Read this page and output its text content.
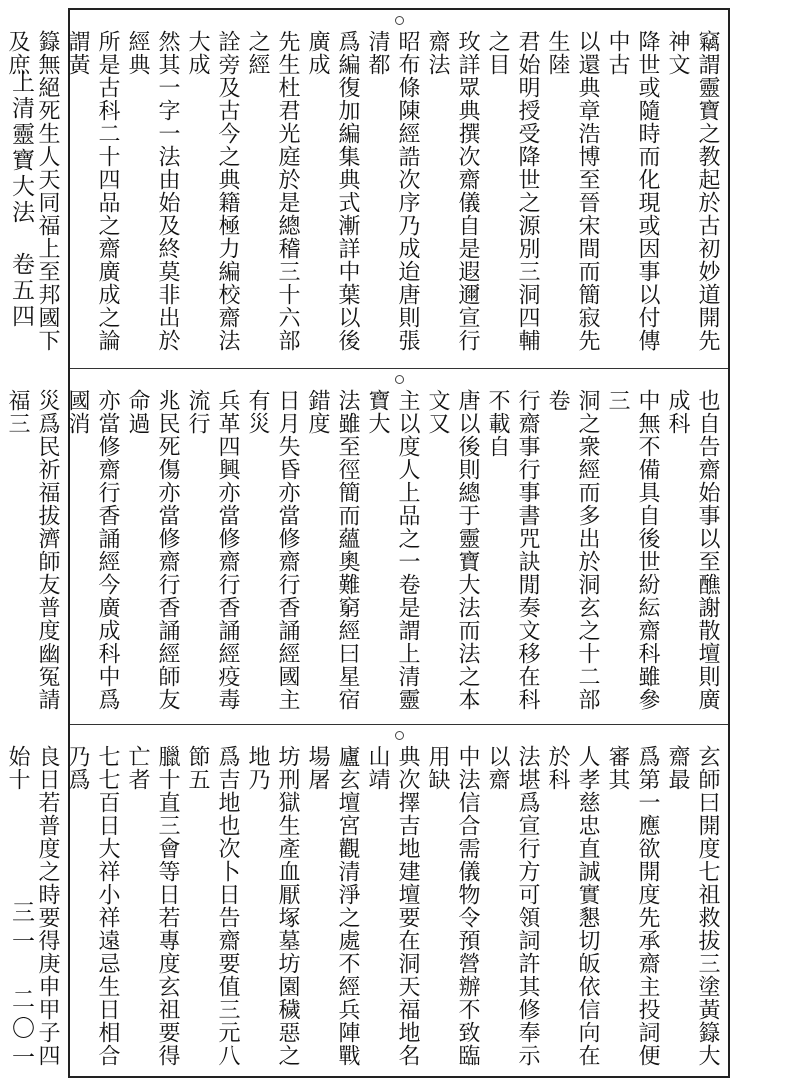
上清靈寶大法　卷五四
三一　二〇一
竊謂靈寶之教起於古初妙道開先神文
降世或隨時而化現或因事以付傳中古
以還典章浩博至晉宋間而簡寂先生陸
君始明授受降世之源別三洞四輔之目
玫詳眾典撰次齋儀自是遐邇宣行齋法
昭布條陳經誥次序乃成迨唐則張清都
爲編復加編集典式漸詳中葉以後廣成
先生杜君光庭於是總稽三十六部之經
詮旁及古今之典籍極力編校齋法大成
然其一字一法由始及終莫非出於經典
所是古科二十四品之齋廣成之論謂黃
籙無絕死生人天同福上至邦國下及庶
也自告齋始事以至醮謝散壇則廣成科
中無不備具自後世紛紜齋科雖參三
洞之衆經而多出於洞玄之十二部卷
行齋事行事書咒訣閒奏文移在科不載自
唐以後則總于靈寶大法而法之本文又
主以度人上品之一卷是謂上清靈寶大
法雖至徑簡而蘊奧難窮經曰星宿錯度
日月失昏亦當修齋行香誦經國主有災
兵革四興亦當修齋行香誦經疫毒流行
兆民死傷亦當修齋行香誦經師友命過
亦當修齋行香誦經今廣成科中爲國消
災爲民祈福拔濟師友普度幽冤請福三
玄師曰開度七祖救拔三塗黃籙大齋最
爲第一應欲開度先承齋主投詞便審其
人孝慈忠直誠實懇切皈依信向在於科
法堪爲宣行方可領詞許其修奉示以齋
中法信合需儀物令預營辦不致臨用缺
典次擇吉地建壇要在洞天福地名山靖
廬玄壇宮觀清淨之處不經兵陣戰場屠
坊刑獄生產血厭塚墓坊園穢惡之地乃
爲吉地也次卜日告齋要值三元八節五
臘十直三會等日若專度玄祖要得亡者
七七百日大祥小祥遠忌生日相合乃爲
良日若普度之時要得庚申甲子四始十
